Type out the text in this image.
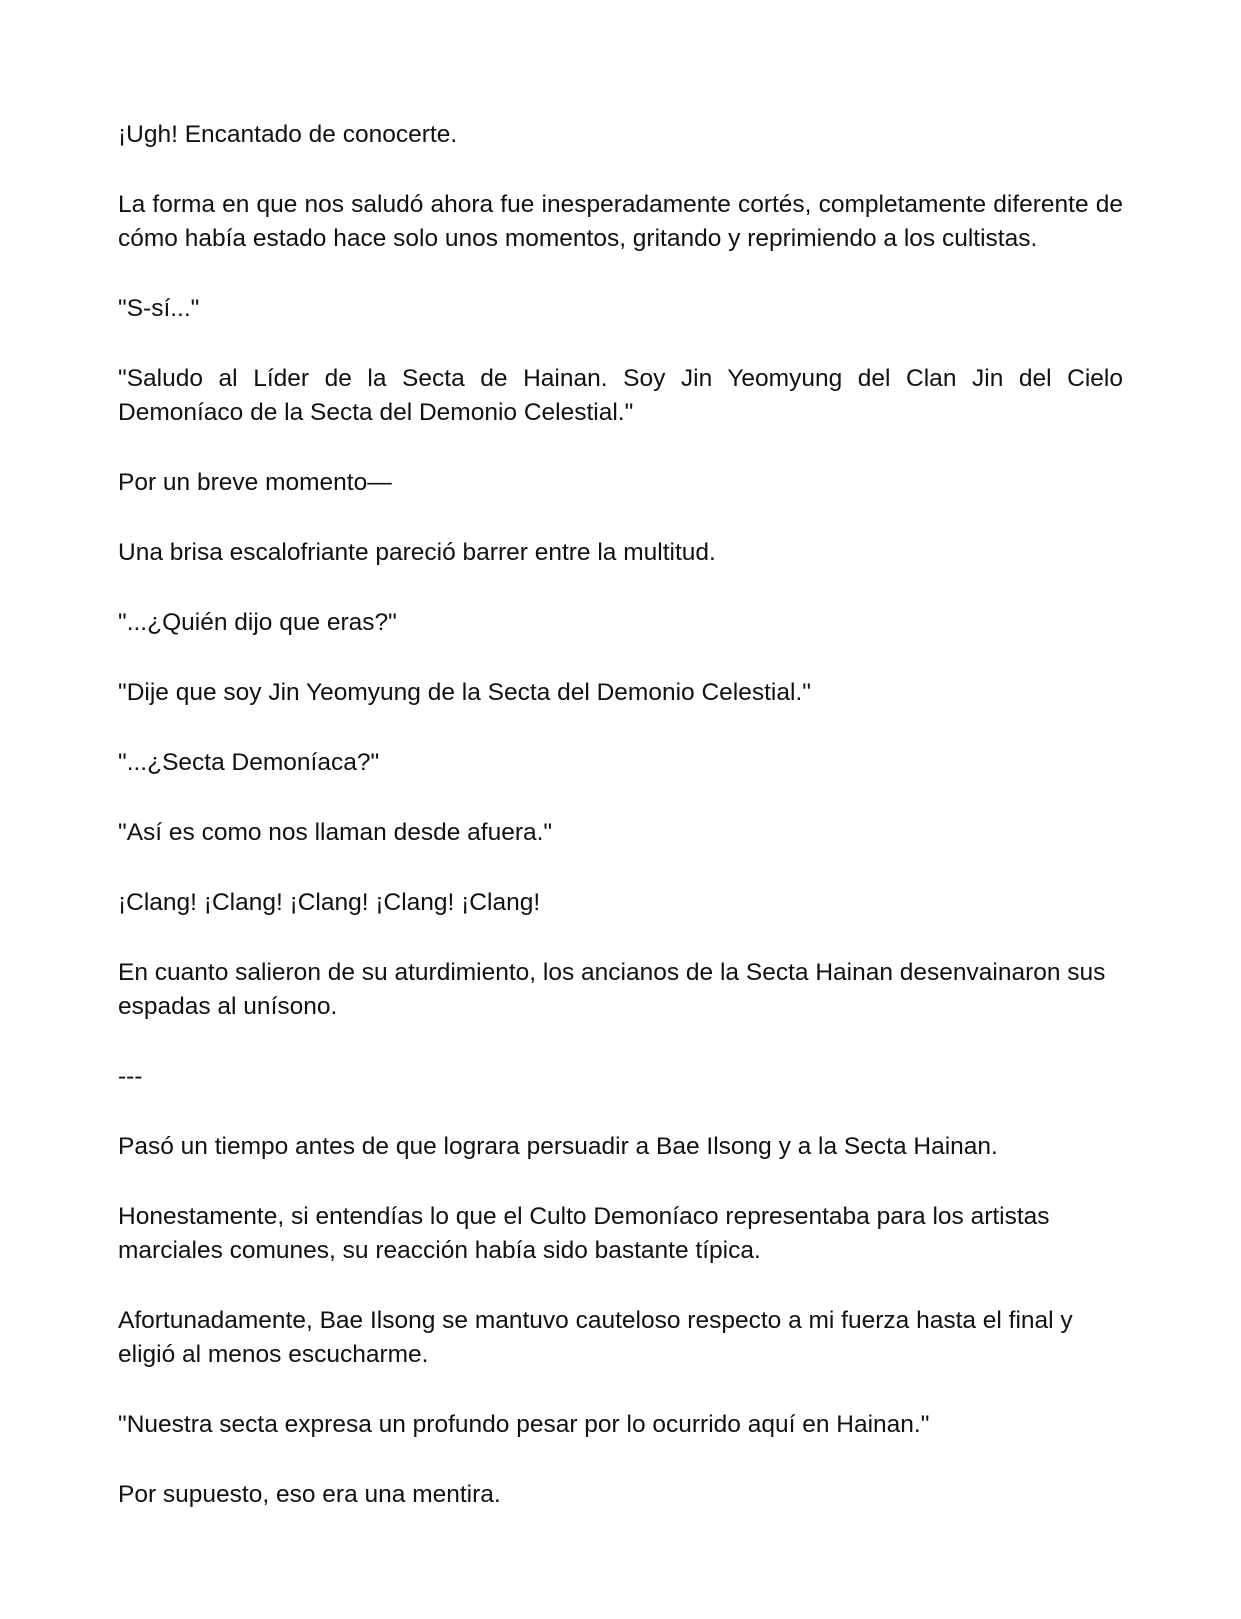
¡Ugh! Encantado de conocerte.

La forma en que nos saludó ahora fue inesperadamente cortés, completamente diferente de cómo había estado hace solo unos momentos, gritando y reprimiendo a los cultistas.

"S-sí..."

"Saludo al Líder de la Secta de Hainan. Soy Jin Yeomyung del Clan Jin del Cielo Demoníaco de la Secta del Demonio Celestial."

Por un breve momento—

Una brisa escalofriante pareció barrer entre la multitud.

"...¿Quién dijo que eras?"

"Dije que soy Jin Yeomyung de la Secta del Demonio Celestial."

"...¿Secta Demoníaca?"

"Así es como nos llaman desde afuera."

¡Clang! ¡Clang! ¡Clang! ¡Clang! ¡Clang!

En cuanto salieron de su aturdimiento, los ancianos de la Secta Hainan desenvainaron sus espadas al unísono.

---

Pasó un tiempo antes de que lograra persuadir a Bae Ilsong y a la Secta Hainan.

Honestamente, si entendías lo que el Culto Demoníaco representaba para los artistas marciales comunes, su reacción había sido bastante típica.

Afortunadamente, Bae Ilsong se mantuvo cauteloso respecto a mi fuerza hasta el final y eligió al menos escucharme.

"Nuestra secta expresa un profundo pesar por lo ocurrido aquí en Hainan."

Por supuesto, eso era una mentira.
